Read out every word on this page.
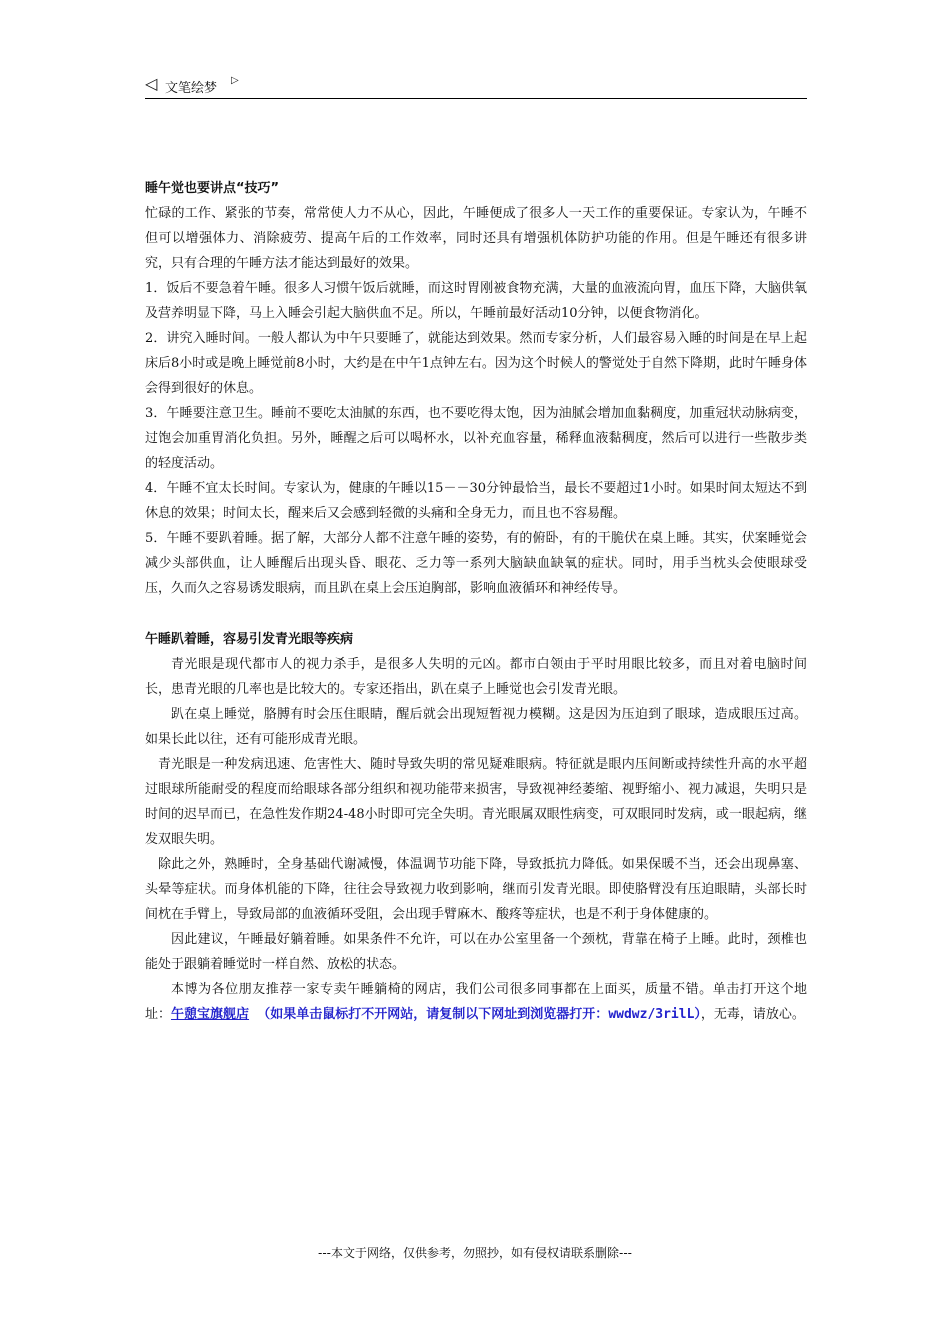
◁ 文笔绘梦
▷

睡午觉也要讲点“技巧”

忙碌的工作、紧张的节奏，常常使人力不从心，因此，午睡便成了很多人一天工作的重要保证。专家认为，午睡不但可以增强体力、消除疲劳、提高午后的工作效率，同时还具有增强机体防护功能的作用。但是午睡还有很多讲究，只有合理的午睡方法才能达到最好的效果。

1．饭后不要急着午睡。很多人习惯午饭后就睡，而这时胃刚被食物充满，大量的血液流向胃，血压下降，大脑供氧及营养明显下降，马上入睡会引起大脑供血不足。所以，午睡前最好活动10分钟，以便食物消化。

2．讲究入睡时间。一般人都认为中午只要睡了，就能达到效果。然而专家分析，人们最容易入睡的时间是在早上起床后8小时或是晚上睡觉前8小时，大约是在中午1点钟左右。因为这个时候人的警觉处于自然下降期，此时午睡身体会得到很好的休息。

3．午睡要注意卫生。睡前不要吃太油腻的东西，也不要吃得太饱，因为油腻会增加血黏稠度，加重冠状动脉病变，过饱会加重胃消化负担。另外，睡醒之后可以喝杯水，以补充血容量，稀释血液黏稠度，然后可以进行一些散步类的轻度活动。

4．午睡不宜太长时间。专家认为，健康的午睡以15－－30分钟最恰当，最长不要超过1小时。如果时间太短达不到休息的效果；时间太长，醒来后又会感到轻微的头痛和全身无力，而且也不容易醒。

5．午睡不要趴着睡。据了解，大部分人都不注意午睡的姿势，有的俯卧，有的干脆伏在桌上睡。其实，伏案睡觉会减少头部供血，让人睡醒后出现头昏、眼花、乏力等一系列大脑缺血缺氧的症状。同时，用手当枕头会使眼球受压，久而久之容易诱发眼病，而且趴在桌上会压迫胸部，影响血液循环和神经传导。

午睡趴着睡，容易引发青光眼等疾病

青光眼是现代都市人的视力杀手，是很多人失明的元凶。都市白领由于平时用眼比较多，而且对着电脑时间长，患青光眼的几率也是比较大的。专家还指出，趴在桌子上睡觉也会引发青光眼。

趴在桌上睡觉，胳膊有时会压住眼睛，醒后就会出现短暂视力模糊。这是因为压迫到了眼球，造成眼压过高。如果长此以往，还有可能形成青光眼。

青光眼是一种发病迅速、危害性大、随时导致失明的常见疑难眼病。特征就是眼内压间断或持续性升高的水平超过眼球所能耐受的程度而给眼球各部分组织和视功能带来损害，导致视神经萎缩、视野缩小、视力减退，失明只是时间的迟早而已，在急性发作期24-48小时即可完全失明。青光眼属双眼性病变，可双眼同时发病，或一眼起病，继发双眼失明。

除此之外，熟睡时，全身基础代谢减慢，体温调节功能下降，导致抵抗力降低。如果保暖不当，还会出现鼻塞、头晕等症状。而身体机能的下降，往往会导致视力收到影响，继而引发青光眼。即使胳臂没有压迫眼睛，头部长时间枕在手臂上，导致局部的血液循环受阻，会出现手臂麻木、酸疼等症状，也是不利于身体健康的。

因此建议，午睡最好躺着睡。如果条件不允许，可以在办公室里备一个颈枕，背靠在椅子上睡。此时，颈椎也能处于跟躺着睡觉时一样自然、放松的状态。

本博为各位朋友推荐一家专卖午睡躺椅的网店，我们公司很多同事都在上面买，质量不错。单击打开这个地址：午憩宝旗舰店 （如果单击鼠标打不开网站，请复制以下网址到浏览器打开：wwdwz/3rilL），无毒，请放心。

---本文于网络，仅供参考，勿照抄，如有侵权请联系删除---
